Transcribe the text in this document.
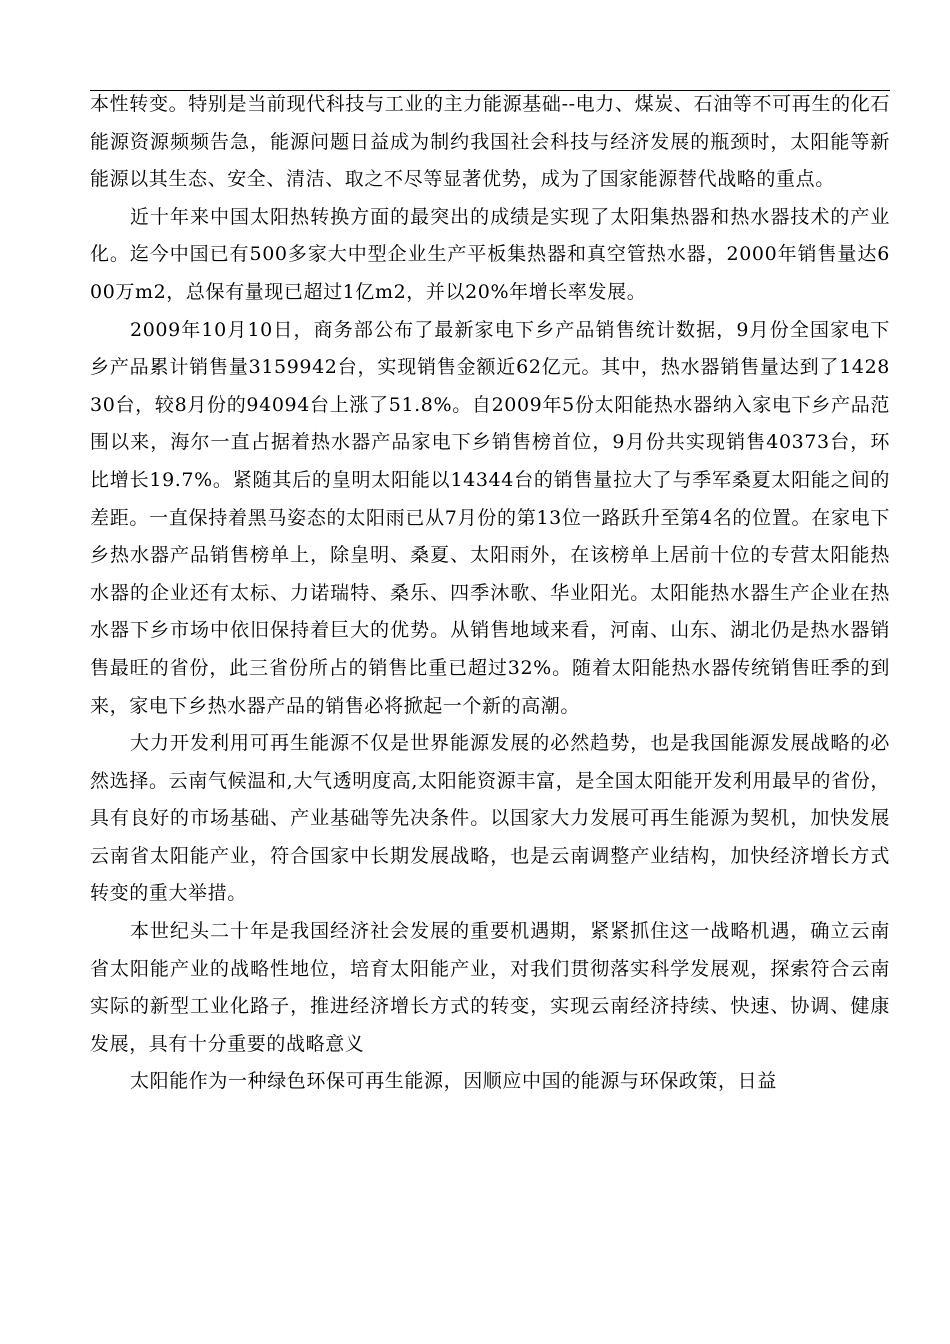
本性转变。特别是当前现代科技与工业的主力能源基础--电力、煤炭、石油等不可再生的化石能源资源频频告急，能源问题日益成为制约我国社会科技与经济发展的瓶颈时，太阳能等新能源以其生态、安全、清洁、取之不尽等显著优势，成为了国家能源替代战略的重点。

近十年来中国太阳热转换方面的最突出的成绩是实现了太阳集热器和热水器技术的产业化。迄今中国已有500多家大中型企业生产平板集热器和真空管热水器，2000年销售量达600万m2，总保有量现已超过1亿m2，并以20%年增长率发展。

2009年10月10日，商务部公布了最新家电下乡产品销售统计数据，9月份全国家电下乡产品累计销售量3159942台，实现销售金额近62亿元。其中，热水器销售量达到了142830台，较8月份的94094台上涨了51.8%。自2009年5份太阳能热水器纳入家电下乡产品范围以来，海尔一直占据着热水器产品家电下乡销售榜首位，9月份共实现销售40373台，环比增长19.7%。紧随其后的皇明太阳能以14344台的销售量拉大了与季军桑夏太阳能之间的差距。一直保持着黑马姿态的太阳雨已从7月份的第13位一路跃升至第4名的位置。在家电下乡热水器产品销售榜单上，除皇明、桑夏、太阳雨外，在该榜单上居前十位的专营太阳能热水器的企业还有太标、力诺瑞特、桑乐、四季沐歌、华业阳光。太阳能热水器生产企业在热水器下乡市场中依旧保持着巨大的优势。从销售地域来看，河南、山东、湖北仍是热水器销售最旺的省份，此三省份所占的销售比重已超过32%。随着太阳能热水器传统销售旺季的到来，家电下乡热水器产品的销售必将掀起一个新的高潮。

大力开发利用可再生能源不仅是世界能源发展的必然趋势，也是我国能源发展战略的必然选择。云南气候温和,大气透明度高,太阳能资源丰富，是全国太阳能开发利用最早的省份，具有良好的市场基础、产业基础等先决条件。以国家大力发展可再生能源为契机，加快发展云南省太阳能产业，符合国家中长期发展战略，也是云南调整产业结构，加快经济增长方式转变的重大举措。

本世纪头二十年是我国经济社会发展的重要机遇期，紧紧抓住这一战略机遇，确立云南省太阳能产业的战略性地位，培育太阳能产业，对我们贯彻落实科学发展观，探索符合云南实际的新型工业化路子，推进经济增长方式的转变，实现云南经济持续、快速、协调、健康发展，具有十分重要的战略意义

太阳能作为一种绿色环保可再生能源，因顺应中国的能源与环保政策，日益
